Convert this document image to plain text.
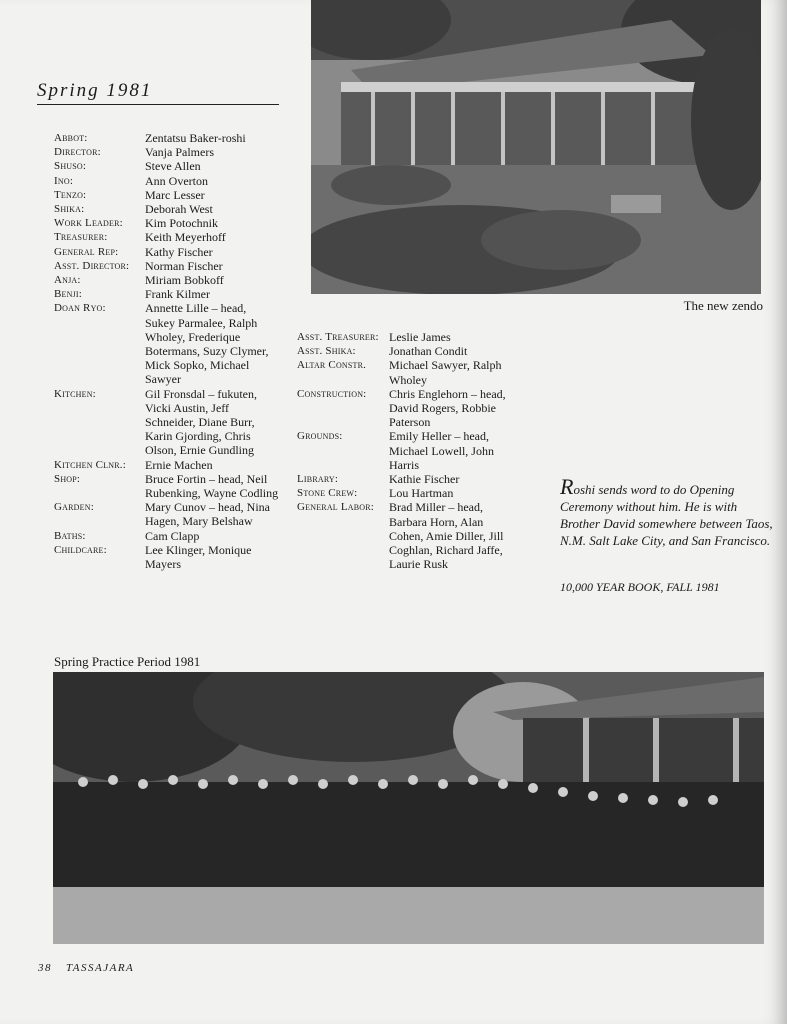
The new zendo
Spring 1981
Abbot:	Zentatsu Baker-roshi
Director:	Vanja Palmers
Shuso:	Steve Allen
Ino:	Ann Overton
Tenzo:	Marc Lesser
Shika:	Deborah West
Work Leader:	Kim Potochnik
Treasurer:	Keith Meyerhoff
General Rep:	Kathy Fischer
Asst. Director:	Norman Fischer
Anja:	Miriam Bobkoff
Benji:	Frank Kilmer
Doan Ryo:	Annette Lille – head, Sukey Parmalee, Ralph Wholey, Frederique Botermans, Suzy Clymer, Mick Sopko, Michael Sawyer
Kitchen:	Gil Fronsdal – fukuten, Vicki Austin, Jeff Schneider, Diane Burr, Karin Gjording, Chris Olson, Ernie Gundling
Kitchen Clnr.:	Ernie Machen
Shop:	Bruce Fortin – head, Neil Rubenking, Wayne Codling
Garden:	Mary Cunov – head, Nina Hagen, Mary Belshaw
Baths:	Cam Clapp
Childcare:	Lee Klinger, Monique Mayers
Asst. Treasurer: Leslie James
Asst. Shika:	Jonathan Condit
Altar Constr.	Michael Sawyer, Ralph Wholey
Construction:	Chris Englehorn – head, David Rogers, Robbie Paterson
Grounds:	Emily Heller – head, Michael Lowell, John Harris
Library:	Kathie Fischer
Stone Crew:	Lou Hartman
General Labor:	Brad Miller – head, Barbara Horn, Alan Cohen, Amie Diller, Jill Coghlan, Richard Jaffe, Laurie Rusk
Roshi sends word to do Opening Ceremony without him. He is with Brother David somewhere between Taos, N.M. Salt Lake City, and San Francisco.
10,000 YEAR BOOK, FALL 1981
Spring Practice Period 1981
38 TASSAJARA
